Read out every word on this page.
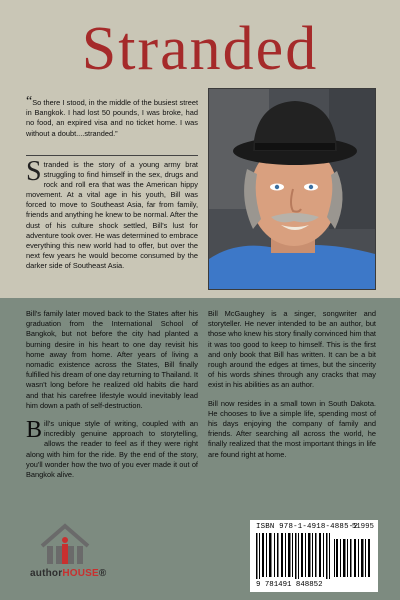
Stranded
“So there I stood, in the middle of the busiest street in Bangkok. I had lost 50 pounds, I was broke, had no food, an expired visa and no ticket home. I was without a doubt....stranded.”
S tranded is the story of a young army brat struggling to find himself in the sex, drugs and rock and roll era that was the American hippy movement. At a vital age in his youth, Bill was forced to move to Southeast Asia, far from family, friends and anything he knew to be normal. After the dust of his culture shock settled, Bill's lust for adventure took over. He was determined to embrace everything this new world had to offer, but over the next few years he would become consumed by the darker side of Southeast Asia.

Bill's family later moved back to the States after his graduation from the International School of Bangkok, but not before the city had planted a burning desire in his heart to one day revisit his home away from home. After years of living a nomadic existence across the States, Bill finally fulfilled his dream of one day returning to Thailand. It wasn't long before he realized old habits die hard and that his carefree lifestyle would inevitably lead him down a path of self-destruction.

Bill's unique style of writing, coupled with an incredibly genuine approach to storytelling, allows the reader to feel as if they were right along with him for the ride. By the end of the story, you'll wonder how the two of you ever made it out of Bangkok alive.

Bill McGaughey is a singer, songwriter and storyteller. He never intended to be an author, but those who knew his story finally convinced him that it was too good to keep to himself. This is the first and only book that Bill has written. It can be a bit rough around the edges at times, but the sincerity of his words shines through any cracks that may exist in his abilities as an author.

Bill now resides in a small town in South Dakota. He chooses to live a simple life, spending most of his days enjoying the company of family and friends. After searching all across the world, he finally realized that the most important things in life are found right at home.

authorHOUSE®
ISBN 978-1-4918-4885-2
51995
9 781491 848852
